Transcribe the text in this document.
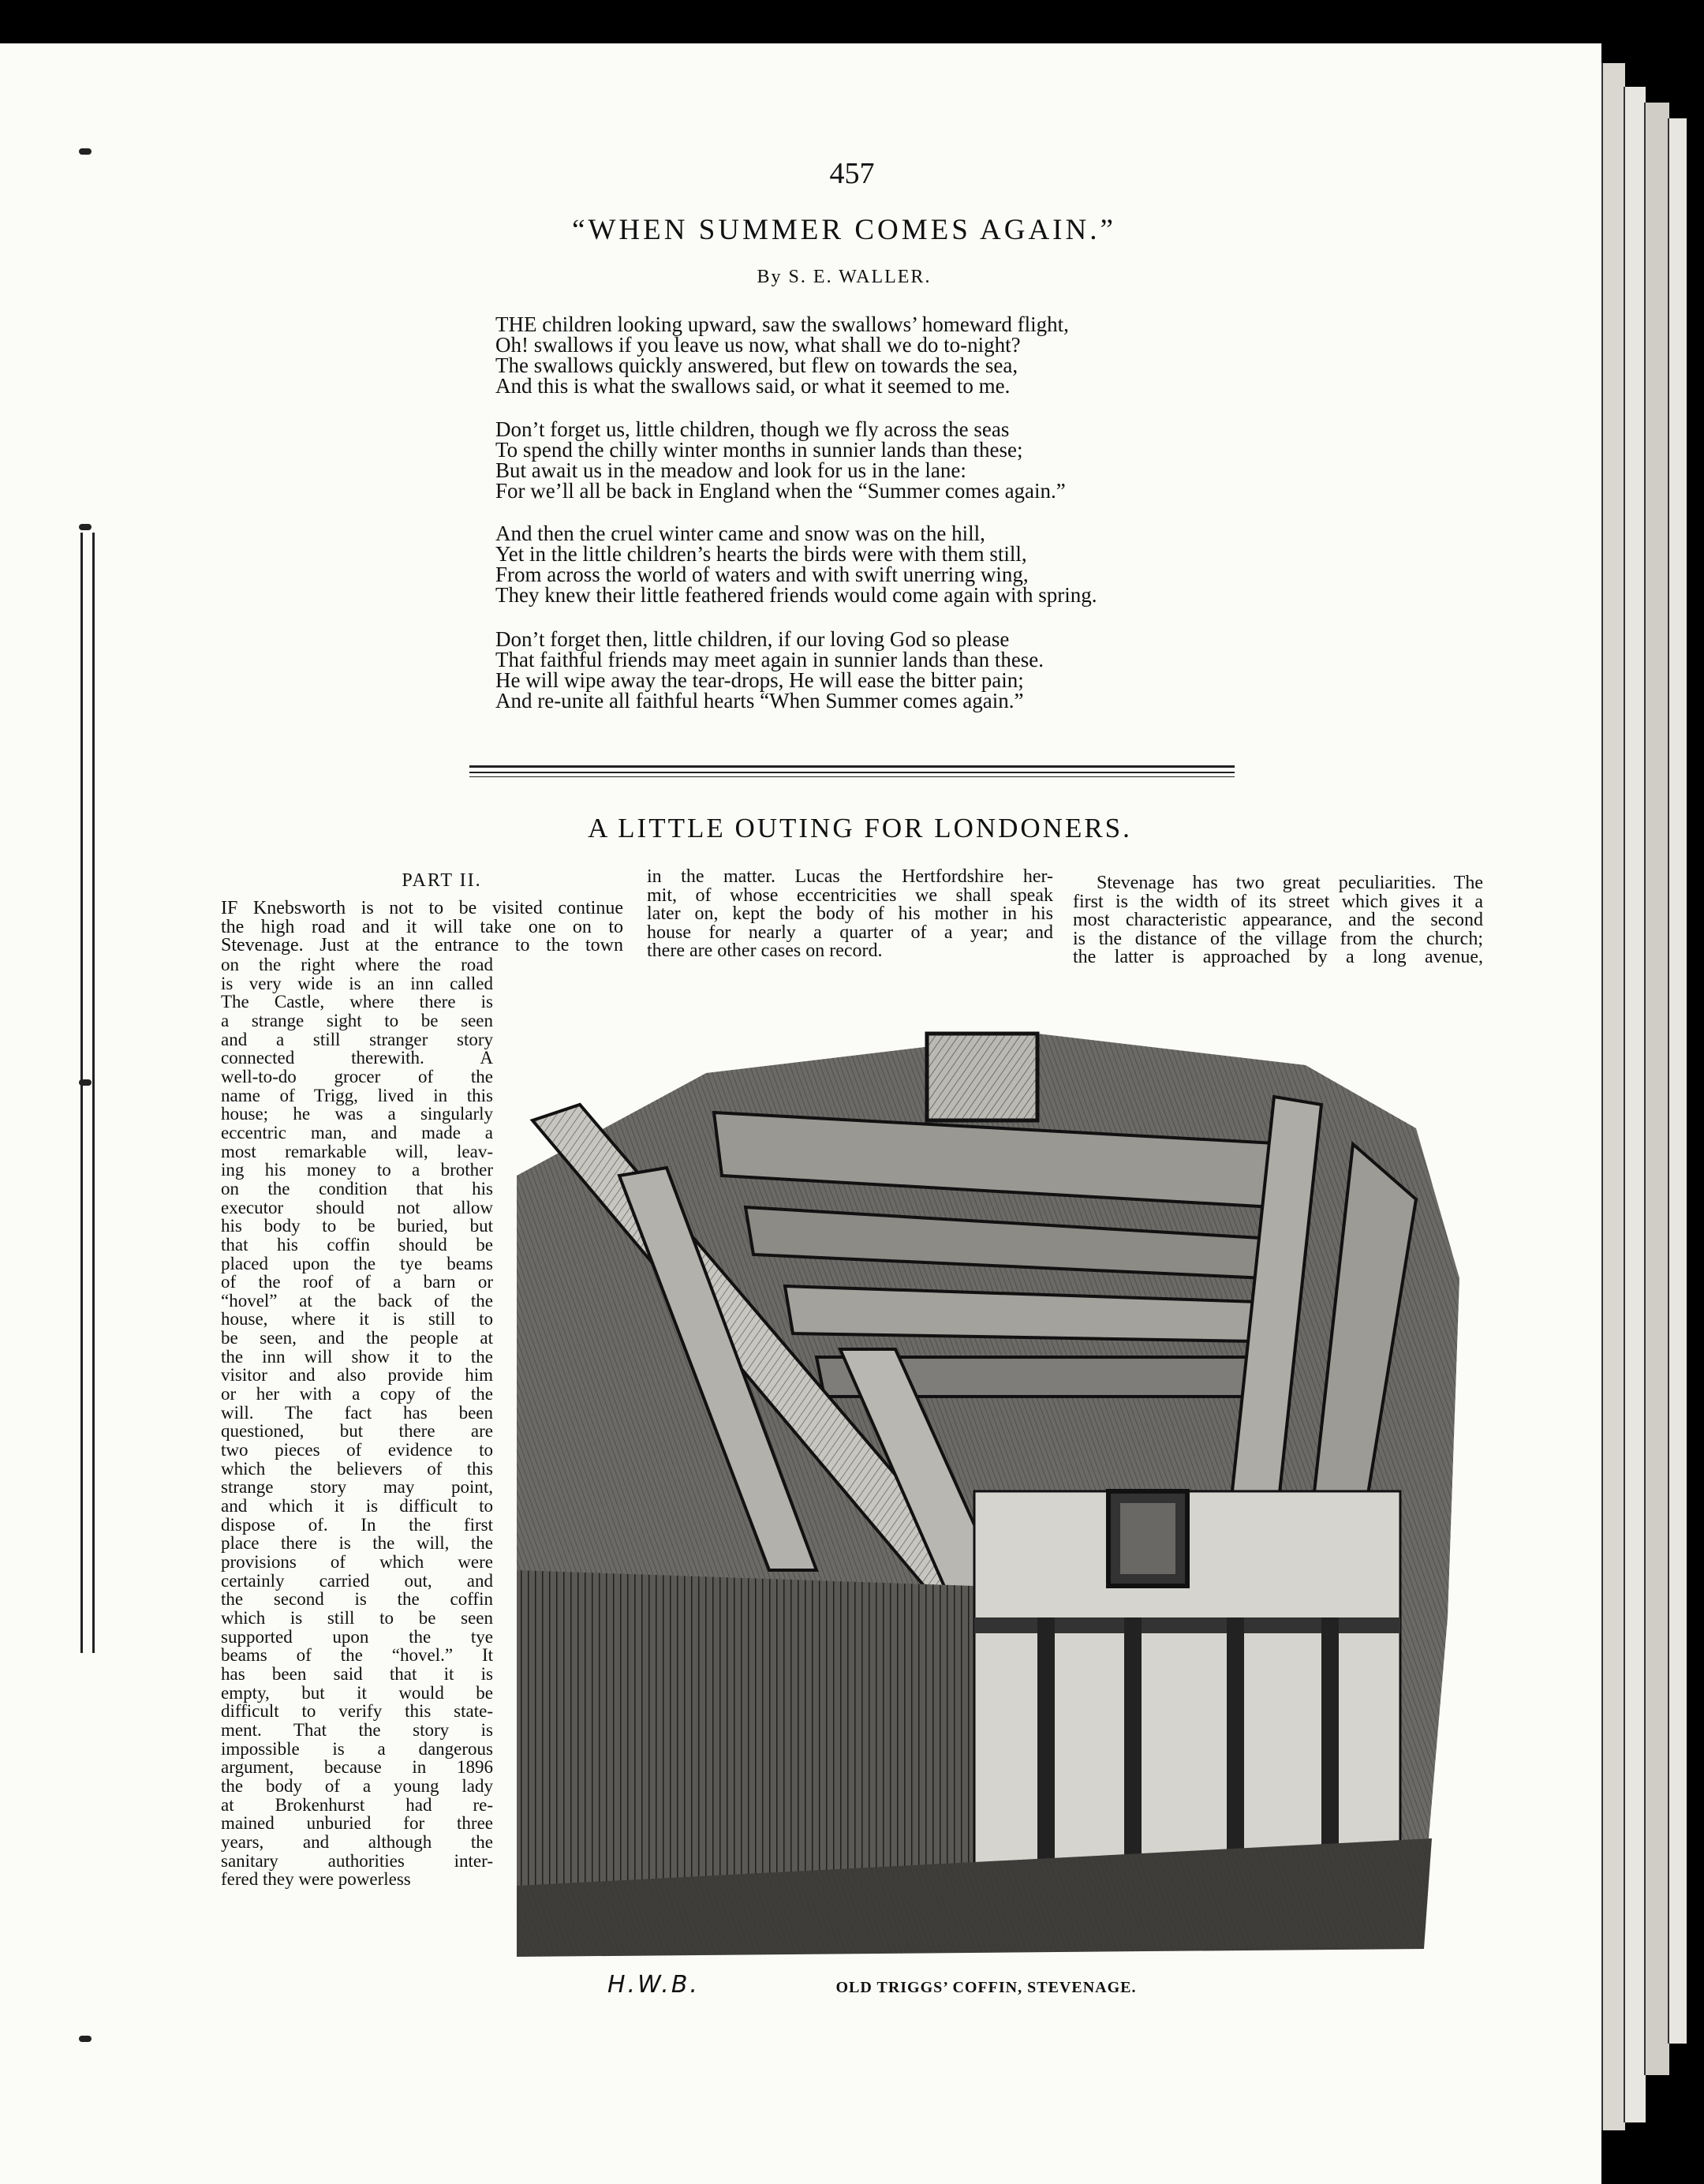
457
“WHEN SUMMER COMES AGAIN.”
By S. E. WALLER.
THE children looking upward, saw the swallows’ homeward flight,
Oh! swallows if you leave us now, what shall we do to-night?
The swallows quickly answered, but flew on towards the sea,
And this is what the swallows said, or what it seemed to me.
Don’t forget us, little children, though we fly across the seas
To spend the chilly winter months in sunnier lands than these;
But await us in the meadow and look for us in the lane:
For we’ll all be back in England when the “Summer comes again.”
And then the cruel winter came and snow was on the hill,
Yet in the little children’s hearts the birds were with them still,
From across the world of waters and with swift unerring wing,
They knew their little feathered friends would come again with spring.
Don’t forget then, little children, if our loving God so please
That faithful friends may meet again in sunnier lands than these.
He will wipe away the tear-drops, He will ease the bitter pain;
And re-unite all faithful hearts “When Summer comes again.”
A LITTLE OUTING FOR LONDONERS.
PART II.
IF Knebsworth is not to be visited continue
the high road and it will take one on to
Stevenage. Just at the entrance to the town
on the right where the road
is very wide is an inn called
The Castle, where there is
a strange sight to be seen
and a still stranger story
connected therewith. A
well-to-do grocer of the
name of Trigg, lived in this
house; he was a singularly
eccentric man, and made a
most remarkable will, leav-
ing his money to a brother
on the condition that his
executor should not allow
his body to be buried, but
that his coffin should be
placed upon the tye beams
of the roof of a barn or
“hovel” at the back of the
house, where it is still to
be seen, and the people at
the inn will show it to the
visitor and also provide him
or her with a copy of the
will. The fact has been
questioned, but there are
two pieces of evidence to
which the believers of this
strange story may point,
and which it is difficult to
dispose of. In the first
place there is the will, the
provisions of which were
certainly carried out, and
the second is the coffin
which is still to be seen
supported upon the tye
beams of the “hovel.” It
has been said that it is
empty, but it would be
difficult to verify this state-
ment. That the story is
impossible is a dangerous
argument, because in 1896
the body of a young lady
at Brokenhurst had re-
mained unburied for three
years, and although the
sanitary authorities inter-
fered they were powerless
in the matter. Lucas the Hertfordshire her-
mit, of whose eccentricities we shall speak
later on, kept the body of his mother in his
house for nearly a quarter of a year; and
there are other cases on record.
Stevenage has two great peculiarities. The
first is the width of its street which gives it a
most characteristic appearance, and the second
is the distance of the village from the church;
the latter is approached by a long avenue,
H.W.B.	OLD TRIGGS’ COFFIN, STEVENAGE.
